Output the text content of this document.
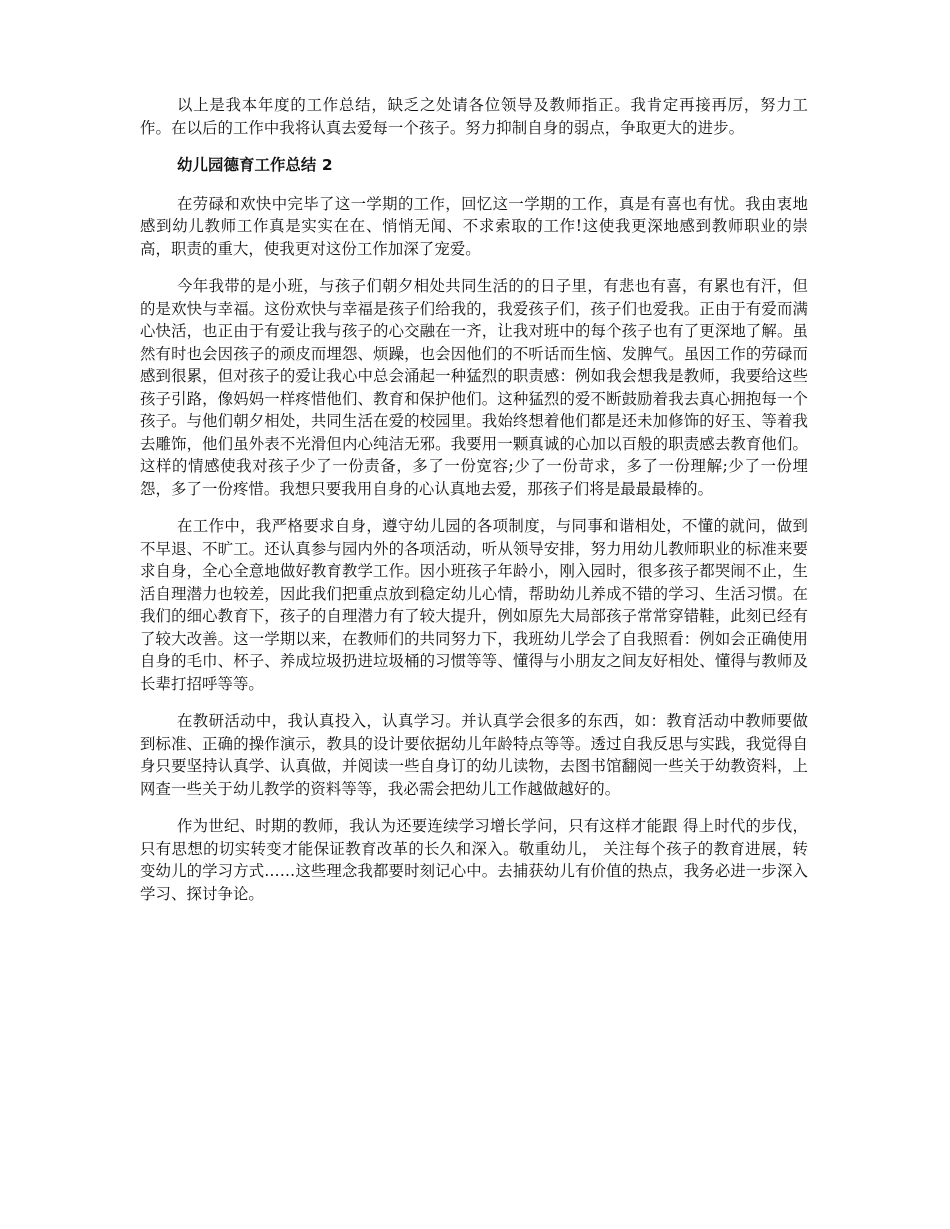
以上是我本年度的工作总结，缺乏之处请各位领导及教师指正。我肯定再接再厉，努力工作。在以后的工作中我将认真去爱每一个孩子。努力抑制自身的弱点，争取更大的进步。

幼儿园德育工作总结 2

在劳碌和欢快中完毕了这一学期的工作，回忆这一学期的工作，真是有喜也有忧。我由衷地感到幼儿教师工作真是实实在在、悄悄无闻、不求索取的工作!这使我更深地感到教师职业的崇高，职责的重大，使我更对这份工作加深了宠爱。

今年我带的是小班，与孩子们朝夕相处共同生活的的日子里，有悲也有喜，有累也有汗，但的是欢快与幸福。这份欢快与幸福是孩子们给我的，我爱孩子们，孩子们也爱我。正由于有爱而满心快活，也正由于有爱让我与孩子的心交融在一齐，让我对班中的每个孩子也有了更深地了解。虽然有时也会因孩子的顽皮而埋怨、烦躁，也会因他们的不听话而生恼、发脾气。虽因工作的劳碌而感到很累，但对孩子的爱让我心中总会涌起一种猛烈的职责感：例如我会想我是教师，我要给这些孩子引路，像妈妈一样疼惜他们、教育和保护他们。这种猛烈的爱不断鼓励着我去真心拥抱每一个孩子。与他们朝夕相处，共同生活在爱的校园里。我始终想着他们都是还未加修饰的好玉、等着我去雕饰，他们虽外表不光滑但内心纯洁无邪。我要用一颗真诚的心加以百般的职责感去教育他们。这样的情感使我对孩子少了一份责备，多了一份宽容;少了一份苛求，多了一份理解;少了一份埋怨，多了一份疼惜。我想只要我用自身的心认真地去爱，那孩子们将是最最最棒的。

在工作中，我严格要求自身，遵守幼儿园的各项制度，与同事和谐相处，不懂的就问，做到不早退、不旷工。还认真参与园内外的各项活动，听从领导安排，努力用幼儿教师职业的标准来要求自身，全心全意地做好教育教学工作。因小班孩子年龄小，刚入园时，很多孩子都哭闹不止，生活自理潜力也较差，因此我们把重点放到稳定幼儿心情，帮助幼儿养成不错的学习、生活习惯。在我们的细心教育下，孩子的自理潜力有了较大提升，例如原先大局部孩子常常穿错鞋，此刻已经有了较大改善。这一学期以来，在教师们的共同努力下，我班幼儿学会了自我照看：例如会正确使用自身的毛巾、杯子、养成垃圾扔进垃圾桶的习惯等等、懂得与小朋友之间友好相处、懂得与教师及长辈打招呼等等。

在教研活动中，我认真投入，认真学习。并认真学会很多的东西，如：教育活动中教师要做到标准、正确的操作演示，教具的设计要依据幼儿年龄特点等等。透过自我反思与实践，我觉得自身只要坚持认真学、认真做，并阅读一些自身订的幼儿读物，去图书馆翻阅一些关于幼教资料，上网查一些关于幼儿教学的资料等等，我必需会把幼儿工作越做越好的。

作为世纪、时期的教师，我认为还要连续学习增长学问，只有这样才能跟 得上时代的步伐，只有思想的切实转变才能保证教育改革的长久和深入。敬重幼儿， 关注每个孩子的教育进展，转变幼儿的学习方式……这些理念我都要时刻记心中。去捕获幼儿有价值的热点，我务必进一步深入学习、探讨争论。
